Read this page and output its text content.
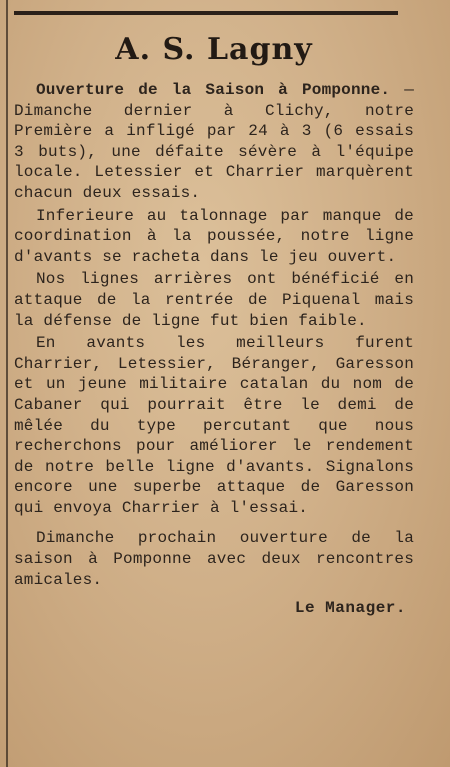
A. S. Lagny

Ouverture de la Saison à Pomponne. — Dimanche dernier à Clichy, notre Première a infligé par 24 à 3 (6 essais 3 buts), une défaite sévère à l'équipe locale. Letessier et Charrier marquèrent chacun deux essais.

Inferieure au talonnage par manque de coordination à la poussée, notre ligne d'avants se racheta dans le jeu ouvert.

Nos lignes arrières ont bénéficié en attaque de la rentrée de Piquenal mais la défense de ligne fut bien faible.

En avants les meilleurs furent Charrier, Letessier, Béranger, Garesson et un jeune militaire catalan du nom de Cabaner qui pourrait être le demi de mêlée du type percutant que nous recherchons pour améliorer le rendement de notre belle ligne d'avants. Signalons encore une superbe attaque de Garesson qui envoya Charrier à l'essai.

Dimanche prochain ouverture de la saison à Pomponne avec deux rencontres amicales.

Le Manager.
